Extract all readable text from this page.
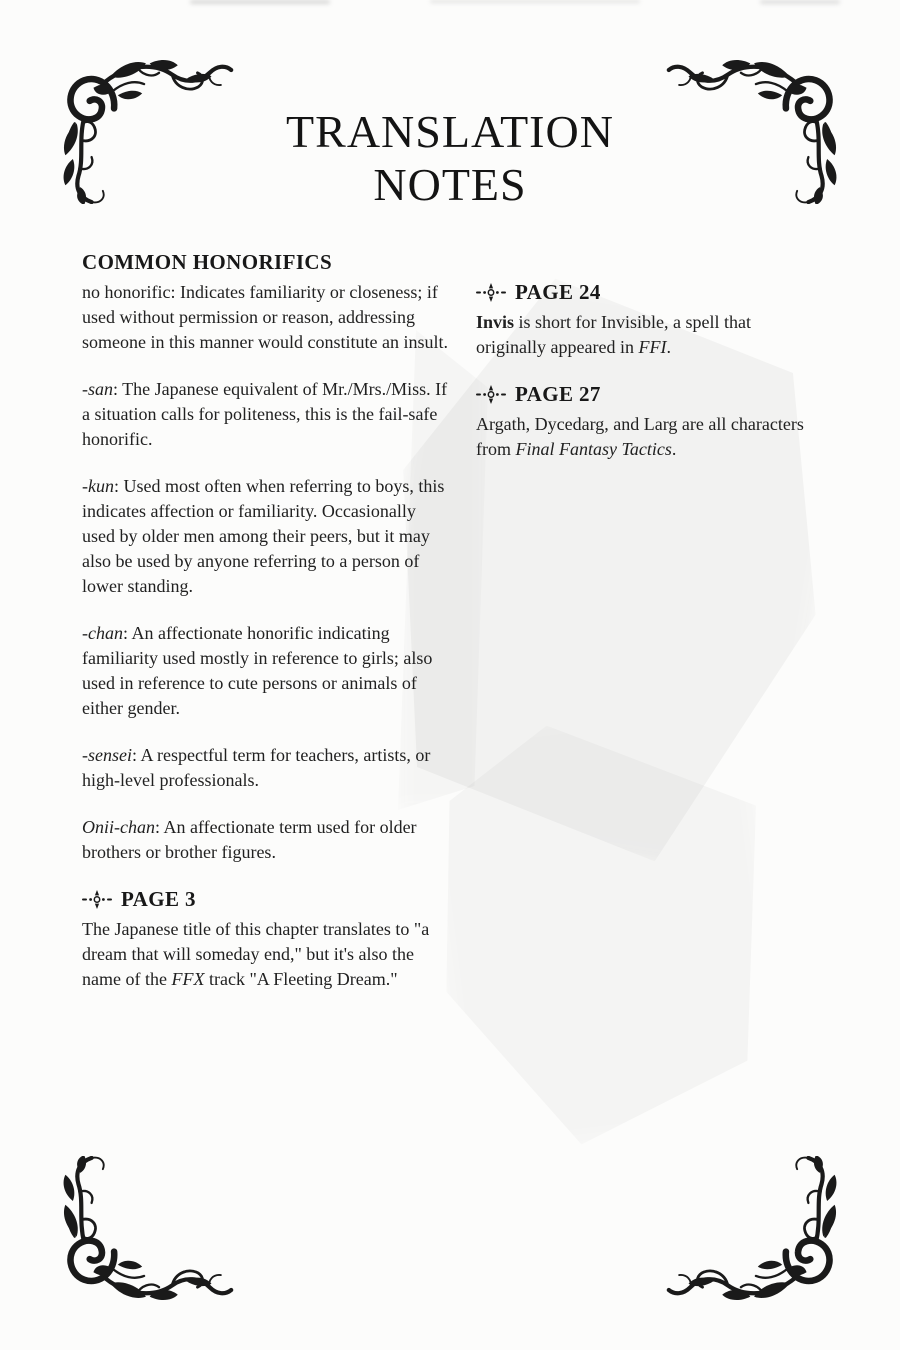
TRANSLATION
NOTES
COMMON HONORIFICS

no honorific: Indicates familiarity or closeness; if used without permission or reason, addressing someone in this manner would constitute an insult.

-san: The Japanese equivalent of Mr./Mrs./Miss. If a situation calls for politeness, this is the fail-safe honorific.

-kun: Used most often when referring to boys, this indicates affection or familiarity. Occasionally used by older men among their peers, but it may also be used by anyone referring to a person of lower standing.

-chan: An affectionate honorific indicating familiarity used mostly in reference to girls; also used in reference to cute persons or animals of either gender.

-sensei: A respectful term for teachers, artists, or high-level professionals.

Onii-chan: An affectionate term used for older brothers or brother figures.

PAGE 3

The Japanese title of this chapter translates to "a dream that will someday end," but it's also the name of the FFX track "A Fleeting Dream."

PAGE 24

Invis is short for Invisible, a spell that originally appeared in FFI.

PAGE 27

Argath, Dycedarg, and Larg are all characters from Final Fantasy Tactics.
